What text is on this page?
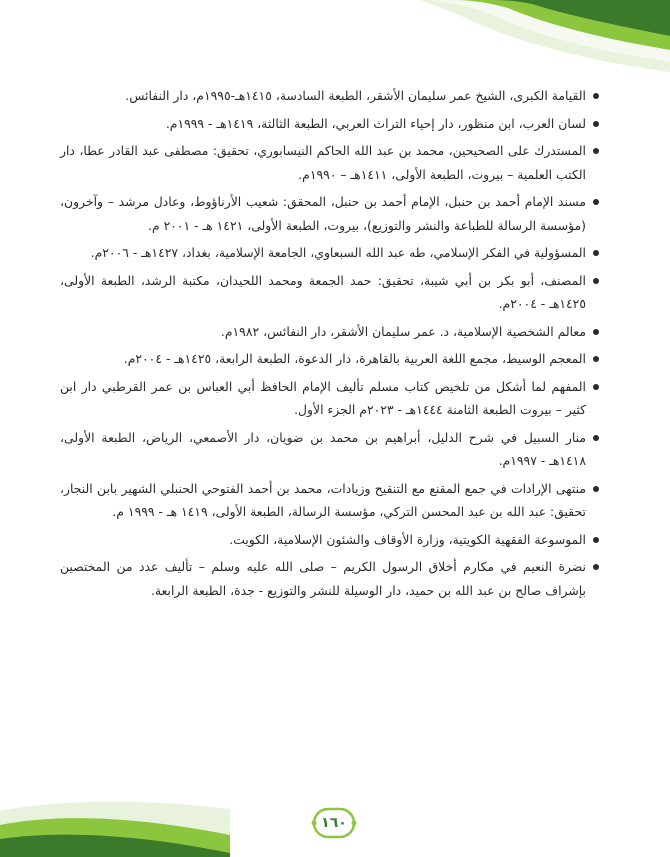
القيامة الكبرى، الشيخ عمر سليمان الأشقر، الطبعة السادسة، ١٤١٥هـ-١٩٩٥م، دار النفائس.
لسان العرب، ابن منظور، دار إحياء التراث العربي، الطبعة الثالثة، ١٤١٩هـ - ١٩٩٩م.
المستدرك على الصحيحين، محمد بن عبد الله الحاكم النيسابوري، تحقيق: مصطفى عبد القادر عطا، دار الكتب العلمية – بيروت، الطبعة الأولى، ١٤١١هـ – ١٩٩٠م.
مسند الإمام أحمد بن حنبل، الإمام أحمد بن حنبل، المحقق: شعيب الأرناؤوط، وعادل مرشد – وآخرون، (مؤسسة الرسالة للطباعة والنشر والتوزيع)، بيروت، الطبعة الأولى، ١٤٢١ هـ - ٢٠٠١ م.
المسؤولية في الفكر الإسلامي، طه عبد الله السبعاوي، الجامعة الإسلامية، بغداد، ١٤٢٧هـ - ٢٠٠٦م.
المصنف، أبو بكر بن أبي شيبة، تحقيق: حمد الجمعة ومحمد اللحيدان، مكتبة الرشد، الطبعة الأولى، ١٤٢٥هـ - ٢٠٠٤م.
معالم الشخصية الإسلامية، د. عمر سليمان الأشقر، دار النفائس، ١٩٨٢م.
المعجم الوسيط، مجمع اللغة العربية بالقاهرة، دار الدعوة، الطبعة الرابعة، ١٤٢٥هـ - ٢٠٠٤م.
المفهم لما أشكل من تلخيص كتاب مسلم تأليف الإمام الحافظ أبي العباس بن عمر القرطبي دار ابن كثير – بيروت الطبعة الثامنة ١٤٤٤هـ - ٢٠٢٣م الجزء الأول.
منار السبيل في شرح الدليل، أبراهيم بن محمد بن ضويان، دار الأصمعي، الرياض، الطبعة الأولى، ١٤١٨هـ - ١٩٩٧م.
منتهى الإرادات في جمع المقنع مع التنقيح وزيادات، محمد بن أحمد الفتوحي الحنبلي الشهير بابن النجار، تحقيق: عبد الله بن عبد المحسن التركي، مؤسسة الرسالة، الطبعة الأولى، ١٤١٩ هـ - ١٩٩٩ م.
الموسوعة الفقهية الكويتية، وزارة الأوقاف والشئون الإسلامية، الكويت.
نضرة النعيم في مكارم أخلاق الرسول الكريم – صلى الله عليه وسلم – تأليف عدد من المختصين بإشراف صالح بن عبد الله بن حميد، دار الوسيلة للنشر والتوزيع - جدة، الطبعة الرابعة.
١٦٠
